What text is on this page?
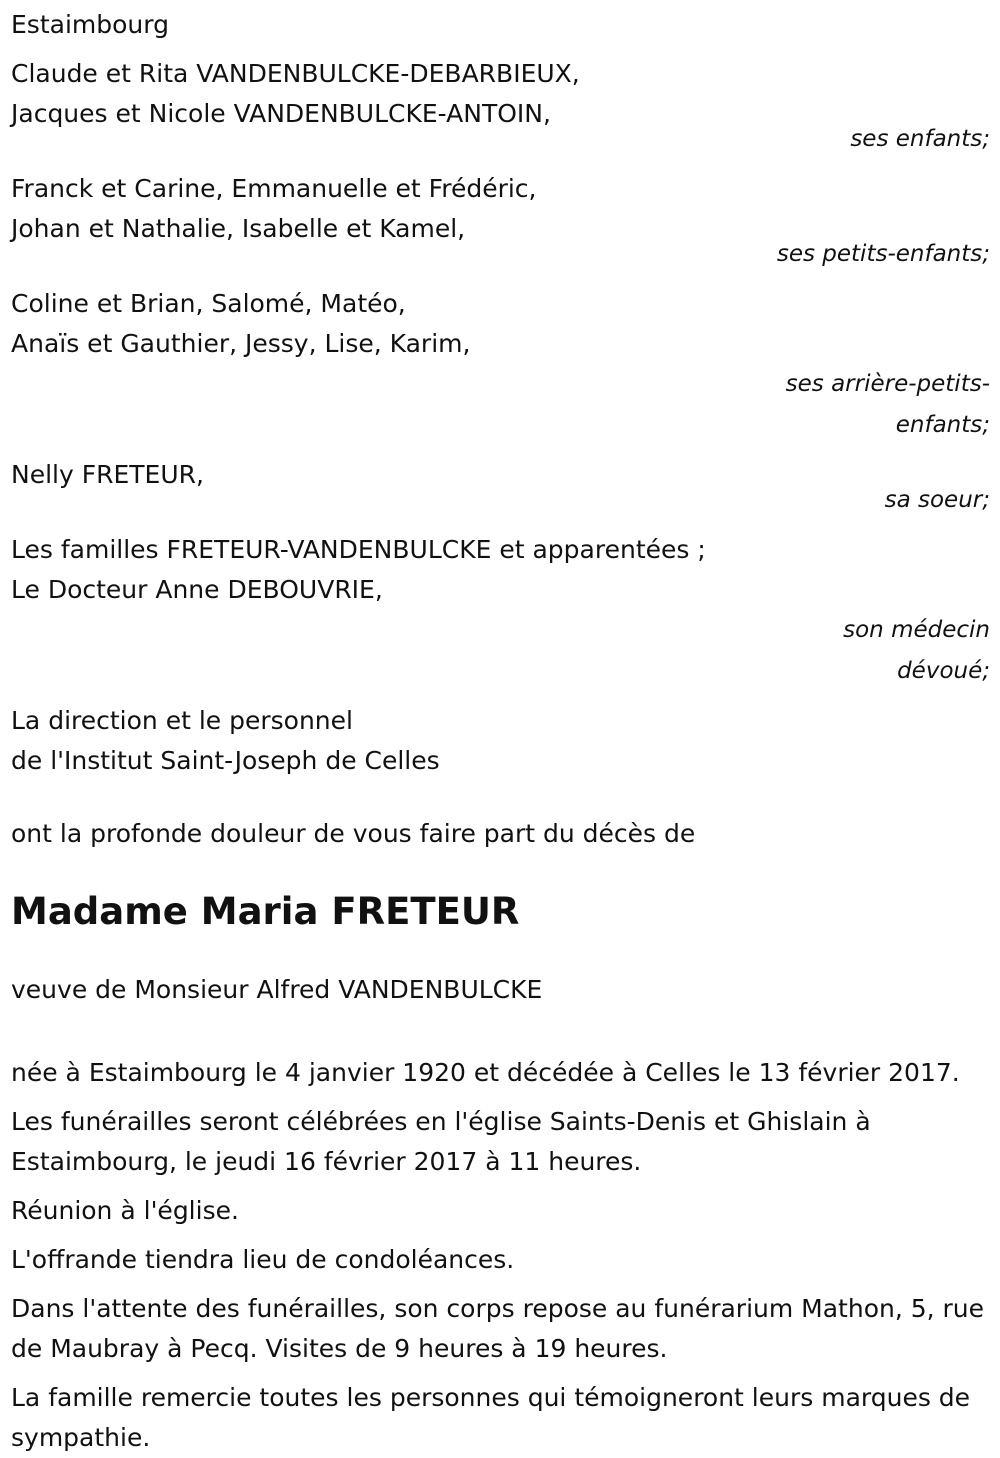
Estaimbourg
Claude et Rita VANDENBULCKE-DEBARBIEUX,
Jacques et Nicole VANDENBULCKE-ANTOIN,
ses enfants;
Franck et Carine, Emmanuelle et Frédéric,
Johan et Nathalie, Isabelle et Kamel,
ses petits-enfants;
Coline et Brian, Salomé, Matéo,
Anaïs et Gauthier, Jessy, Lise, Karim,
ses arrière-petits-
enfants;
Nelly FRETEUR,
sa soeur;
Les familles FRETEUR-VANDENBULCKE et apparentées ;
Le Docteur Anne DEBOUVRIE,
son médecin
dévoué;
La direction et le personnel
de l'Institut Saint-Joseph de Celles
ont la profonde douleur de vous faire part du décès de
Madame Maria FRETEUR
veuve de Monsieur Alfred VANDENBULCKE
née à Estaimbourg le 4 janvier 1920 et décédée à Celles le 13 février 2017.
Les funérailles seront célébrées en l'église Saints-Denis et Ghislain à Estaimbourg, le jeudi 16 février 2017 à 11 heures.
Réunion à l'église.
L'offrande tiendra lieu de condoléances.
Dans l'attente des funérailles, son corps repose au funérarium Mathon, 5, rue de Maubray à Pecq. Visites de 9 heures à 19 heures.
La famille remercie toutes les personnes qui témoigneront leurs marques de sympathie.
